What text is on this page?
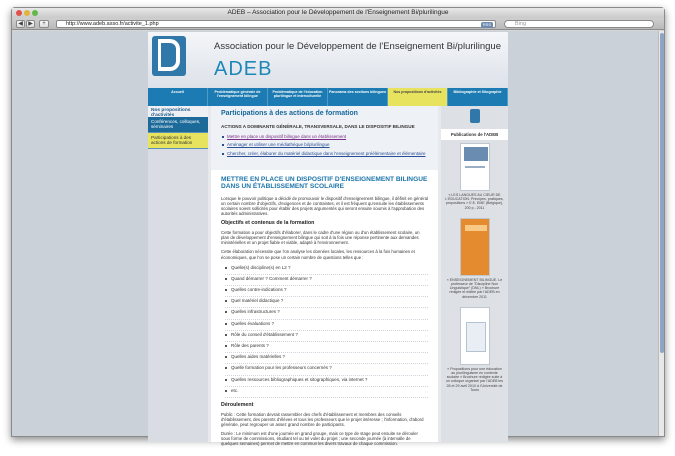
ADEB – Association pour le Développement de l'Enseignement Bi/plurilingue
◀ ▶	+	http://www.adeb.asso.fr/activite_1.php	RSS	Bing
Association pour le Développement de l'Enseignement Bi/plurilingue
ADEB
Accueil	Problématique générale de l'enseignement bilingue
Problématique de l'éducation plurilingue et interculturelle
Panorama des sections bilingues	Nos propositions d'activités	Bibliographie et Sitographie
Nos propositions d'activités
Conférences, colloques, séminaires
Participations à des actions de formation
Participations à des actions de formation
ACTIONS A DOMINANTE GÉNÉRALE, TRANSVERSALE, DANS LE DISPOSITIF BILINGUE
Mettre en place un dispositif bilingue dans un établissement
Aménager et utiliser une médiathèque bi/plurilingue
Chercher, créer, élaborer du matériel didactique dans l'enseignement préélémentaire et élémentaire
METTRE EN PLACE UN DISPOSITIF D'ENSEIGNEMENT BILINGUE DANS UN ÉTABLISSEMENT SCOLAIRE

Lorsque le pouvoir politique a décidé de promouvoir le dispositif d'enseignement bilingue, il définit en général un certain nombre d'objectifs, d'exigences et de contraintes, et il est fréquent qu'ensuite les établissements scolaires soient sollicités pour établir des projets argumentés qui seront ensuite soumis à l'approbation des autorités administratives.

Objectifs et contenus de la formation

Cette formation a pour objectifs d'élaborer, dans le cadre d'une région ou d'un établissement scolaire, un plan de développement d'enseignement bilingue qui soit à la fois une réponse pertinente aux demandes ministérielles et un projet fiable et viable, adapté à l'environnement.

Cette élaboration nécessite que l'on analyse les données locales, les ressources à la fois humaines et économiques, que l'on se pose un certain nombre de questions telles que :

Quelle(s) discipline(s) en L2 ?
Quand démarrer ? Comment démarrer ?
Quelles contre-indications ?
Quel matériel didactique ?
Quelles infrastructures ?
Quelles évaluations ?
Rôle du conseil d'établissement ?
Rôle des parents ?
Quelles aides matérielles ?
Quelle formation pour les professeurs concernés ?
Quelles ressources bibliographiques et sitographiques, via internet ?
etc.
Déroulement

Public : Cette formation devrait rassembler des chefs d'établissement et membres des conseils d'établissement, des parents d'élèves et tous les professeurs que le projet intéresse ; l'information, d'abord générale, peut regrouper un assez grand nombre de participants.

Durée : Le minimum est d'une journée en grand groupe, mais ce type de stage peut ensuite se dérouler sous forme de commissions, étudiant tel ou tel volet du projet ; une seconde journée (à intervalle de quelques semaines) permet de mettre en commun les divers travaux de chaque commission.

Publications de l'ADEB
« LES LANGUES AU CŒUR DE L'ÉDUCATION. Principes, pratiques, propositions » E.E. EME (Belgique), 200 p., 2011
« ENSEIGNEMENT BILINGUE. Le professeur de "Discipline Non Linguistique" (DNL) » Brochure rédigée et éditée par l'ADEB en décembre 2011
« Propositions pour une éducation au plurilinguisme en contexte scolaire » Brochure rédigée suite à un colloque organisé par l'ADEB les 28 et 29 avril 2010 à l'Université de Tours
